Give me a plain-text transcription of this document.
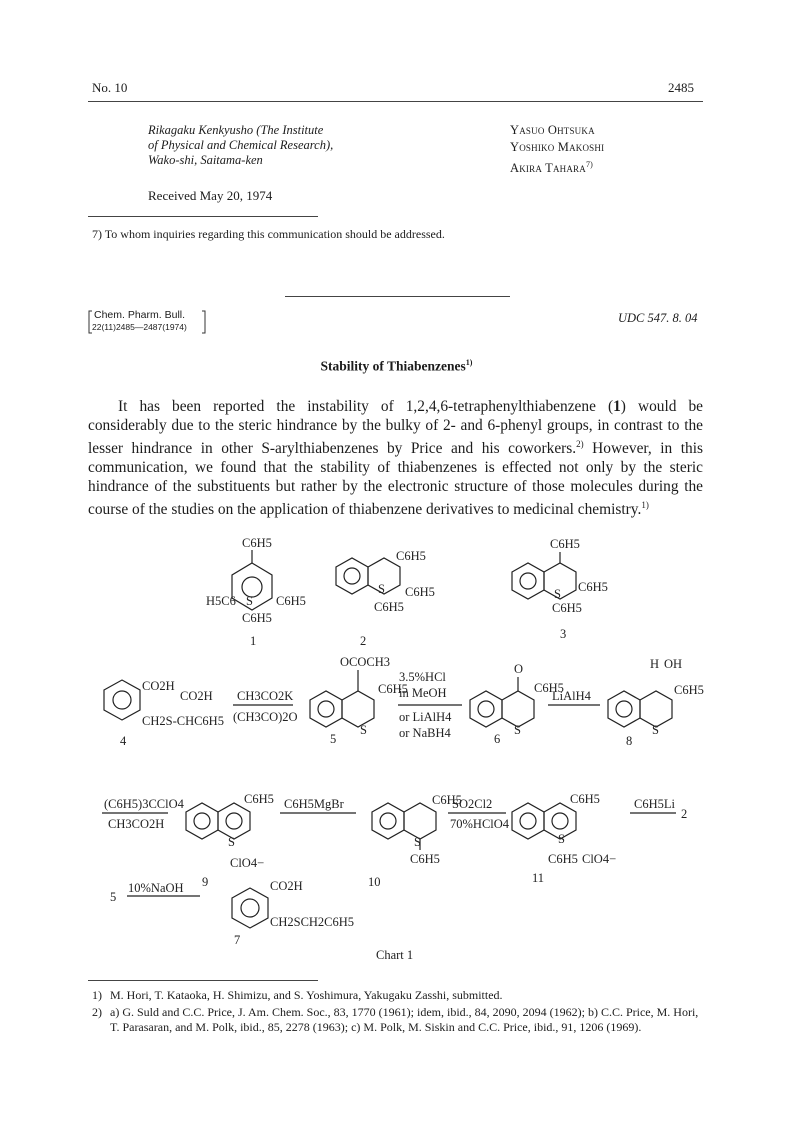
No. 10	2485
Rikagaku Kenkyusho (The Institute
of Physical and Chemical Research),
Wako-shi, Saitama-ken
Yasuo Ohtsuka
Yoshiko Makoshi
Akira Tahara$^{7)}$
Received May 20, 1974
7) To whom inquiries regarding this communication should be addressed.
Chem. Pharm. Bull.
22(11)2485—2487(1974)
UDC 547. 8. 04
Stability of Thiabenzenes$^{1)}$
It has been reported the instability of 1,2,4,6-tetraphenylthiabenzene (1) would be considerably due to the steric hindrance by the bulky of 2- and 6-phenyl groups, in contrast to the lesser hindrance in other S-arylthiabenzenes by Price and his coworkers.$^{2)}$ However, in this communication, we found that the stability of thiabenzenes is effected not only by the steric hindrance of the substituents but rather by the electronic structure of those molecules during the course of the studies on the application of thiabenzene derivatives to medicinal chemistry.$^{1)}$
C6H5
H5C6 S C6H5
C6H5
1
C6H5
S C6H5
C6H5
2
C6H5
S C6H5
C6H5
3
CO2H
CO2H
CH2S-CHC6H5
4
CH3CO2K
(CH3CO)2O
OCOCH3
C6H5
S
5
3.5%HCl
in MeOH
or LiAlH4
or NaBH4
O
C6H5
S
6
LiAlH4
H OH
C6H5
S
8
(C6H5)3CClO4
CH3CO2H
C6H5
S
ClO4−
9
C6H5MgBr	C6H5
S
C6H5
10
SO2Cl2
70%HClO4
C6H5
S
C6H5 ClO4−
11
C6H5Li
2
5
10%NaOH	CO2H
CH2SCH2C6H5
7
Chart 1
1) M. Hori, T. Kataoka, H. Shimizu, and S. Yoshimura, Yakugaku Zasshi, submitted.
2) a) G. Suld and C.C. Price, J. Am. Chem. Soc., 83, 1770 (1961); idem, ibid., 84, 2090, 2094 (1962); b) C.C. Price, M. Hori, T. Parasaran, and M. Polk, ibid., 85, 2278 (1963); c) M. Polk, M. Siskin and C.C. Price, ibid., 91, 1206 (1969).
